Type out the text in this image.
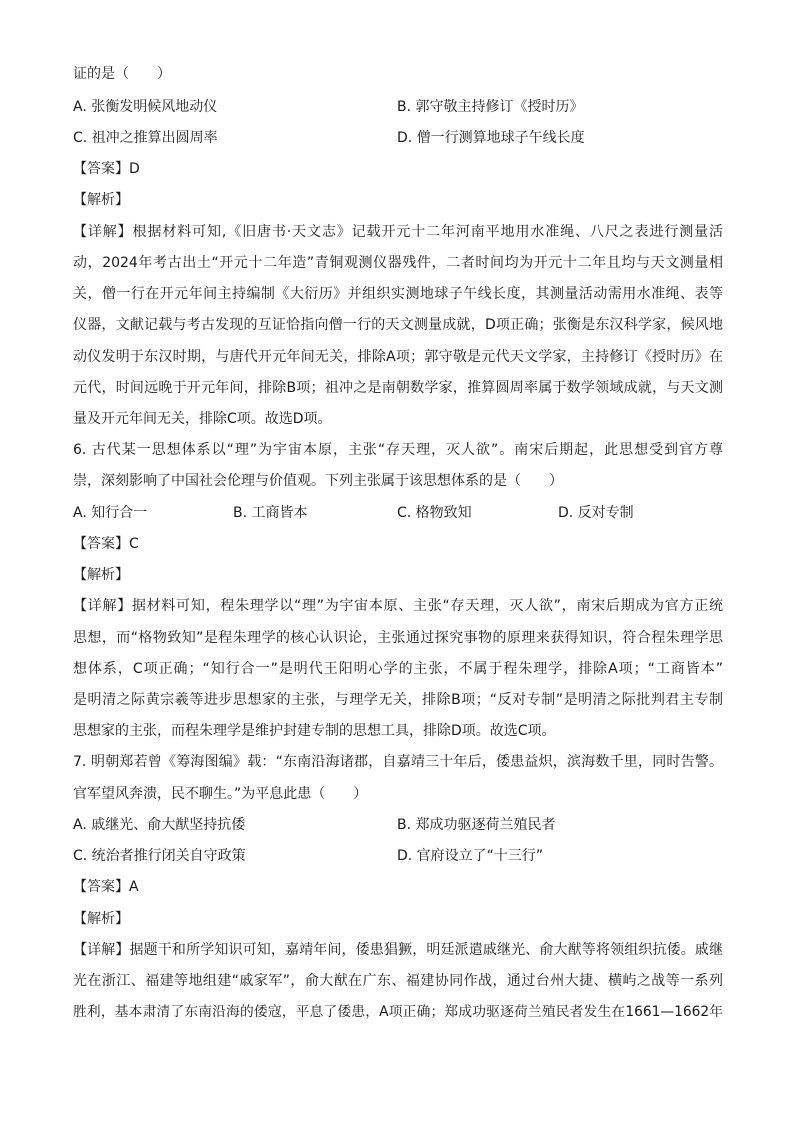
证的是（　　）
A. 张衡发明候风地动仪	B. 郭守敬主持修订《授时历》
C. 祖冲之推算出圆周率	D. 僧一行测算地球子午线长度
【答案】D
【解析】
【详解】根据材料可知,《旧唐书·天文志》记载开元十二年河南平地用水准绳、八尺之表进行测量活
动，2024年考古出土“开元十二年造”青铜观测仪器残件，二者时间均为开元十二年且均与天文测量相
关，僧一行在开元年间主持编制《大衍历》并组织实测地球子午线长度，其测量活动需用水准绳、表等
仪器，文献记载与考古发现的互证恰指向僧一行的天文测量成就，D项正确；张衡是东汉科学家，候风地
动仪发明于东汉时期，与唐代开元年间无关，排除A项；郭守敬是元代天文学家，主持修订《授时历》在
元代，时间远晚于开元年间，排除B项；祖冲之是南朝数学家，推算圆周率属于数学领域成就，与天文测
量及开元年间无关，排除C项。故选D项。
6. 古代某一思想体系以“理”为宇宙本原，主张“存天理，灭人欲”。南宋后期起，此思想受到官方尊
崇，深刻影响了中国社会伦理与价值观。下列主张属于该思想体系的是（　　）
A. 知行合一	B. 工商皆本	C. 格物致知	D. 反对专制
【答案】C
【解析】
【详解】据材料可知，程朱理学以“理”为宇宙本原、主张“存天理，灭人欲”，南宋后期成为官方正统
思想，而“格物致知”是程朱理学的核心认识论，主张通过探究事物的原理来获得知识，符合程朱理学思
想体系，C项正确；“知行合一”是明代王阳明心学的主张，不属于程朱理学，排除A项；“工商皆本”
是明清之际黄宗羲等进步思想家的主张，与理学无关，排除B项；“反对专制”是明清之际批判君主专制
思想家的主张，而程朱理学是维护封建专制的思想工具，排除D项。故选C项。
7. 明朝郑若曾《筹海图编》载：“东南沿海诸郡，自嘉靖三十年后，倭患益炽，滨海数千里，同时告警。
官军望风奔溃，民不聊生。”为平息此患（　　）
A. 戚继光、俞大猷坚持抗倭	B. 郑成功驱逐荷兰殖民者
C. 统治者推行闭关自守政策	D. 官府设立了“十三行”
【答案】A
【解析】
【详解】据题干和所学知识可知，嘉靖年间，倭患猖獗，明廷派遣戚继光、俞大猷等将领组织抗倭。戚继
光在浙江、福建等地组建“戚家军”，俞大猷在广东、福建协同作战，通过台州大捷、横屿之战等一系列
胜利，基本肃清了东南沿海的倭寇，平息了倭患，A项正确；郑成功驱逐荷兰殖民者发生在1661—1662年
